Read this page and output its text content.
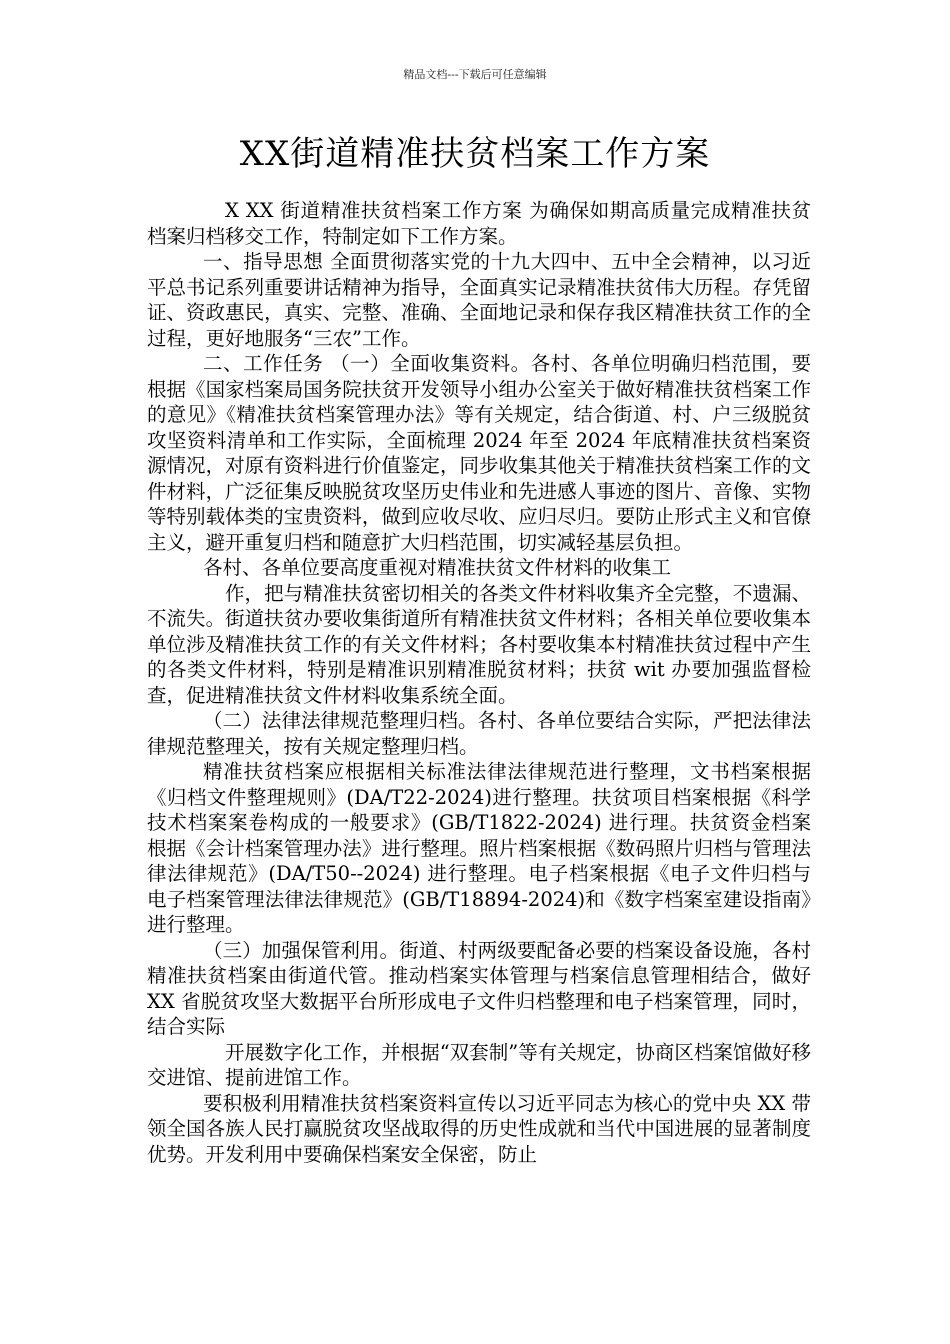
精品文档---下载后可任意编辑
XX街道精准扶贫档案工作方案

X XX 街道精准扶贫档案工作方案 为确保如期高质量完成精准扶贫档案归档移交工作，特制定如下工作方案。

一、指导思想 全面贯彻落实党的十九大四中、五中全会精神，以习近平总书记系列重要讲话精神为指导，全面真实记录精准扶贫伟大历程。存凭留证、资政惠民，真实、完整、准确、全面地记录和保存我区精准扶贫工作的全过程，更好地服务“三农”工作。

二、工作任务 （一）全面收集资料。各村、各单位明确归档范围，要根据《国家档案局国务院扶贫开发领导小组办公室关于做好精准扶贫档案工作的意见》《精准扶贫档案管理办法》等有关规定，结合街道、村、户三级脱贫攻坚资料清单和工作实际，全面梳理 2024 年至 2024 年底精准扶贫档案资源情况，对原有资料进行价值鉴定，同步收集其他关于精准扶贫档案工作的文件材料，广泛征集反映脱贫攻坚历史伟业和先进感人事迹的图片、音像、实物等特别载体类的宝贵资料，做到应收尽收、应归尽归。要防止形式主义和官僚主义，避开重复归档和随意扩大归档范围，切实减轻基层负担。

各村、各单位要高度重视对精准扶贫文件材料的收集工

作，把与精准扶贫密切相关的各类文件材料收集齐全完整，不遗漏、不流失。街道扶贫办要收集街道所有精准扶贫文件材料；各相关单位要收集本单位涉及精准扶贫工作的有关文件材料；各村要收集本村精准扶贫过程中产生的各类文件材料，特别是精准识别精准脱贫材料；扶贫 wit 办要加强监督检查，促进精准扶贫文件材料收集系统全面。

（二）法律法律规范整理归档。各村、各单位要结合实际，严把法律法律规范整理关，按有关规定整理归档。

精准扶贫档案应根据相关标准法律法律规范进行整理，文书档案根据《归档文件整理规则》(DA/T22-2024)进行整理。扶贫项目档案根据《科学技术档案案卷构成的一般要求》(GB/T1822-2024) 进行理。扶贫资金档案根据《会计档案管理办法》进行整理。照片档案根据《数码照片归档与管理法律法律规范》(DA/T50--2024) 进行整理。电子档案根据《电子文件归档与电子档案管理法律法律规范》(GB/T18894-2024)和《数字档案室建设指南》进行整理。

（三）加强保管利用。街道、村两级要配备必要的档案设备设施，各村精准扶贫档案由街道代管。推动档案实体管理与档案信息管理相结合，做好 XX 省脱贫攻坚大数据平台所形成电子文件归档整理和电子档案管理，同时，结合实际

开展数字化工作，并根据“双套制”等有关规定，协商区档案馆做好移交进馆、提前进馆工作。

要积极利用精准扶贫档案资料宣传以习近平同志为核心的党中央 XX 带领全国各族人民打赢脱贫攻坚战取得的历史性成就和当代中国进展的显著制度优势。开发利用中要确保档案安全保密，防止
